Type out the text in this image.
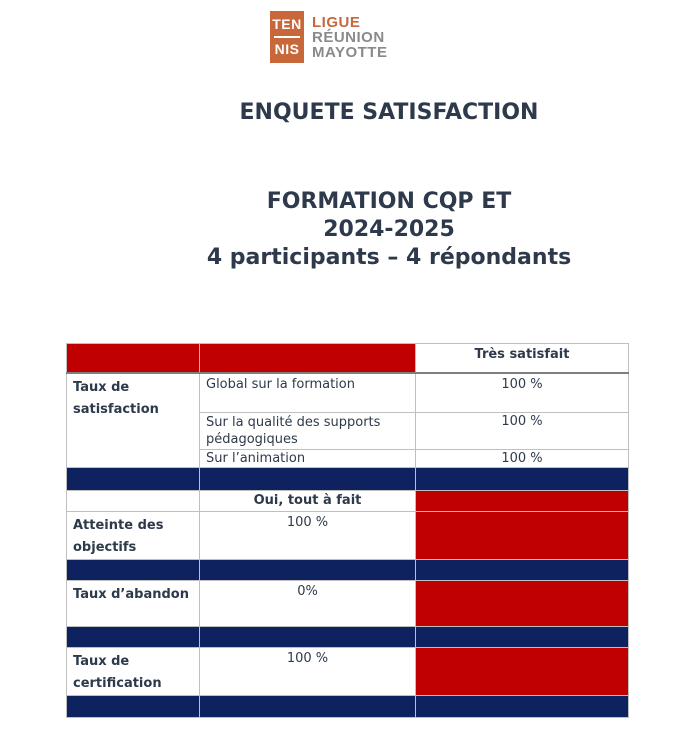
TEN
NIS
LIGUE
RÉUNION
MAYOTTE
ENQUETE SATISFACTION
FORMATION CQP ET
2024-2025
4 participants – 4 répondants
		Très satisfait
Taux de satisfaction	Global sur la formation	100 %
	Sur la qualité des supports pédagogiques	100 %
	Sur l’animation	100 %

	Oui, tout à fait	
Atteinte des objectifs	100 %	

Taux d’abandon	0%	

Taux de certification	100 %	
